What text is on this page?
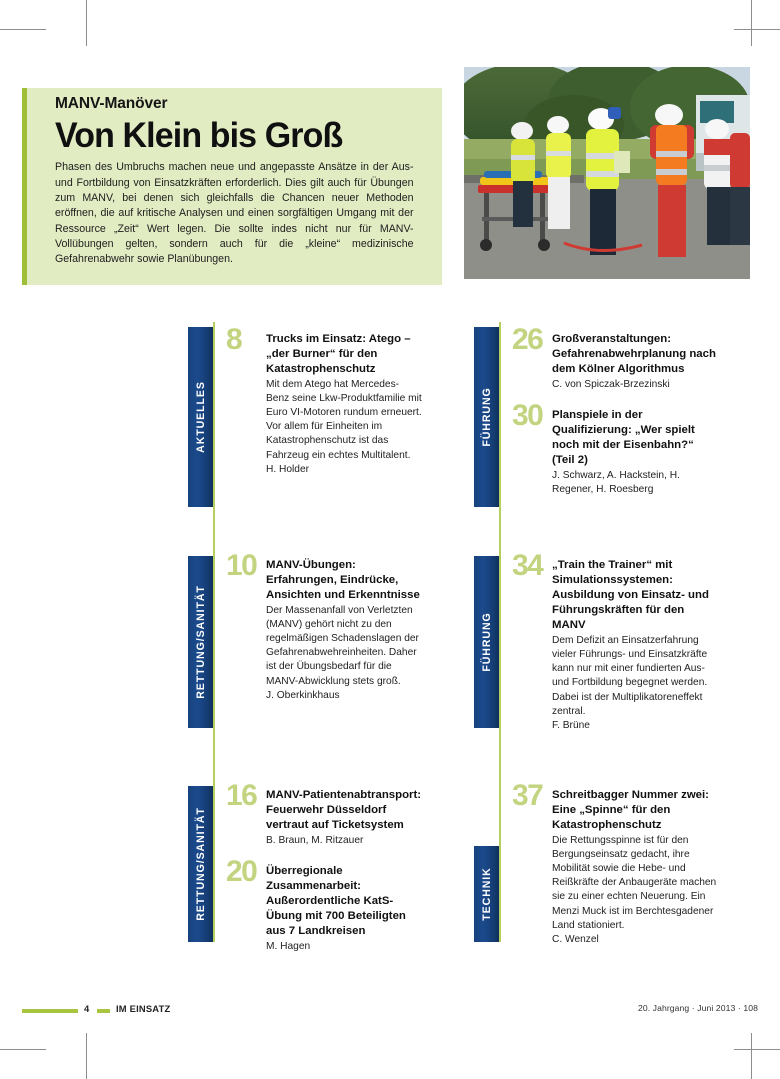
MANV-Manöver
Von Klein bis Groß

Phasen des Umbruchs machen neue und angepasste Ansätze in der Aus- und Fortbildung von Einsatzkräften erforderlich. Dies gilt auch für Übungen zum MANV, bei denen sich gleichfalls die Chancen neuer Methoden eröffnen, die auf kritische Analysen und einen sorgfältigen Umgang mit der Ressource „Zeit“ Wert legen. Die sollte indes nicht nur für MANV-Vollübungen gelten, sondern auch für die „kleine“ medizinische Gefahrenabwehr sowie Planübungen.

AKTUELLES
8 Trucks im Einsatz: Atego – „der Burner“ für den Katastrophenschutz

Mit dem Atego hat Mercedes-Benz seine Lkw-Produktfamilie mit Euro VI-Motoren rundum erneuert. Vor allem für Einheiten im Katastrophenschutz ist das Fahrzeug ein echtes Multitalent.

H. Holder

RETTUNG/SANITÄT
10 MANV-Übungen: Erfahrungen, Eindrücke, Ansichten und Erkenntnisse

Der Massenanfall von Verletzten (MANV) gehört nicht zu den regelmäßigen Schadenslagen der Gefahrenabwehreinheiten. Daher ist der Übungsbedarf für die MANV-Abwicklung stets groß.

J. Oberkinkhaus

RETTUNG/SANITÄT
16 MANV-Patientenabtransport: Feuerwehr Düsseldorf vertraut auf Ticketsystem

B. Braun, M. Ritzauer

20 Überregionale Zusammenarbeit: Außerordentliche KatS-Übung mit 700 Beteiligten aus 7 Landkreisen

M. Hagen

FÜHRUNG
26 Großveranstaltungen: Gefahrenabwehrplanung nach dem Kölner Algorithmus

C. von Spiczak-Brzezinski

30 Planspiele in der Qualifizierung: „Wer spielt noch mit der Eisenbahn?“ (Teil 2)

J. Schwarz, A. Hackstein, H. Regener, H. Roesberg

FÜHRUNG
34 „Train the Trainer“ mit Simulationssystemen: Ausbildung von Einsatz- und Führungskräften für den MANV

Dem Defizit an Einsatzerfahrung vieler Führungs- und Einsatzkräfte kann nur mit einer fundierten Aus- und Fortbildung begegnet werden. Dabei ist der Multiplikatoreneffekt zentral.

F. Brüne

TECHNIK
37 Schreitbagger Nummer zwei: Eine „Spinne“ für den Katastrophenschutz

Die Rettungsspinne ist für den Bergungseinsatz gedacht, ihre Mobilität sowie die Hebe- und Reißkräfte der Anbaugeräte machen sie zu einer echten Neuerung. Ein Menzi Muck ist im Berchtesgadener Land stationiert.

C. Wenzel

4	IM EINSATZ	20. Jahrgang · Juni 2013 · 108
